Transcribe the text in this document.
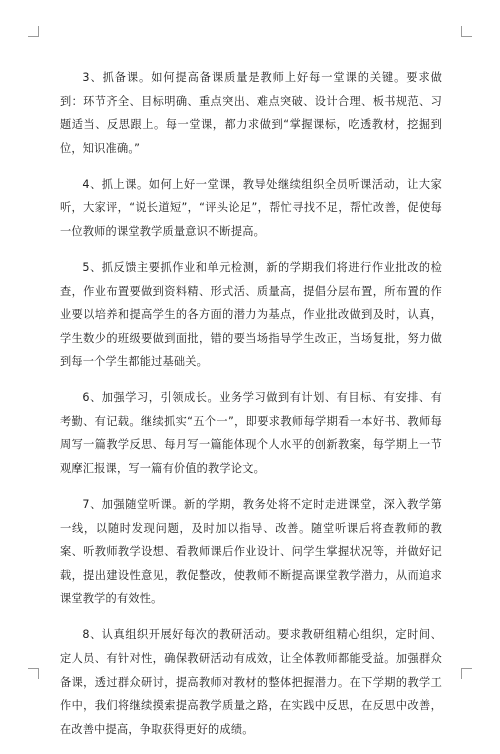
3、抓备课。如何提高备课质量是教师上好每一堂课的关键。要求做到：环节齐全、目标明确、重点突出、难点突破、设计合理、板书规范、习题适当、反思跟上。每一堂课，都力求做到“掌握课标，吃透教材，挖掘到位，知识准确。”

4、抓上课。如何上好一堂课，教导处继续组织全员听课活动，让大家听，大家评，“说长道短”，“评头论足”，帮忙寻找不足，帮忙改善，促使每一位教师的课堂教学质量意识不断提高。

5、抓反馈主要抓作业和单元检测，新的学期我们将进行作业批改的检查，作业布置要做到资料精、形式活、质量高，提倡分层布置，所布置的作业要以培养和提高学生的各方面的潜力为基点，作业批改做到及时，认真，学生数少的班级要做到面批，错的要当场指导学生改正，当场复批，努力做到每一个学生都能过基础关。

6、加强学习，引领成长。业务学习做到有计划、有目标、有安排、有考勤、有记载。继续抓实“五个一”，即要求教师每学期看一本好书、教师每周写一篇教学反思、每月写一篇能体现个人水平的创新教案，每学期上一节观摩汇报课，写一篇有价值的教学论文。

7、加强随堂听课。新的学期，教务处将不定时走进课堂，深入教学第一线，以随时发现问题，及时加以指导、改善。随堂听课后将查教师的教案、听教师教学设想、看教师课后作业设计、问学生掌握状况等，并做好记载，提出建设性意见，教促整改，使教师不断提高课堂教学潜力，从而追求课堂教学的有效性。

8、认真组织开展好每次的教研活动。要求教研组精心组织，定时间、定人员、有针对性，确保教研活动有成效，让全体教师都能受益。加强群众备课，透过群众研讨，提高教师对教材的整体把握潜力。在下学期的教学工作中，我们将继续摸索提高教学质量之路，在实践中反思，在反思中改善，在改善中提高，争取获得更好的成绩。
